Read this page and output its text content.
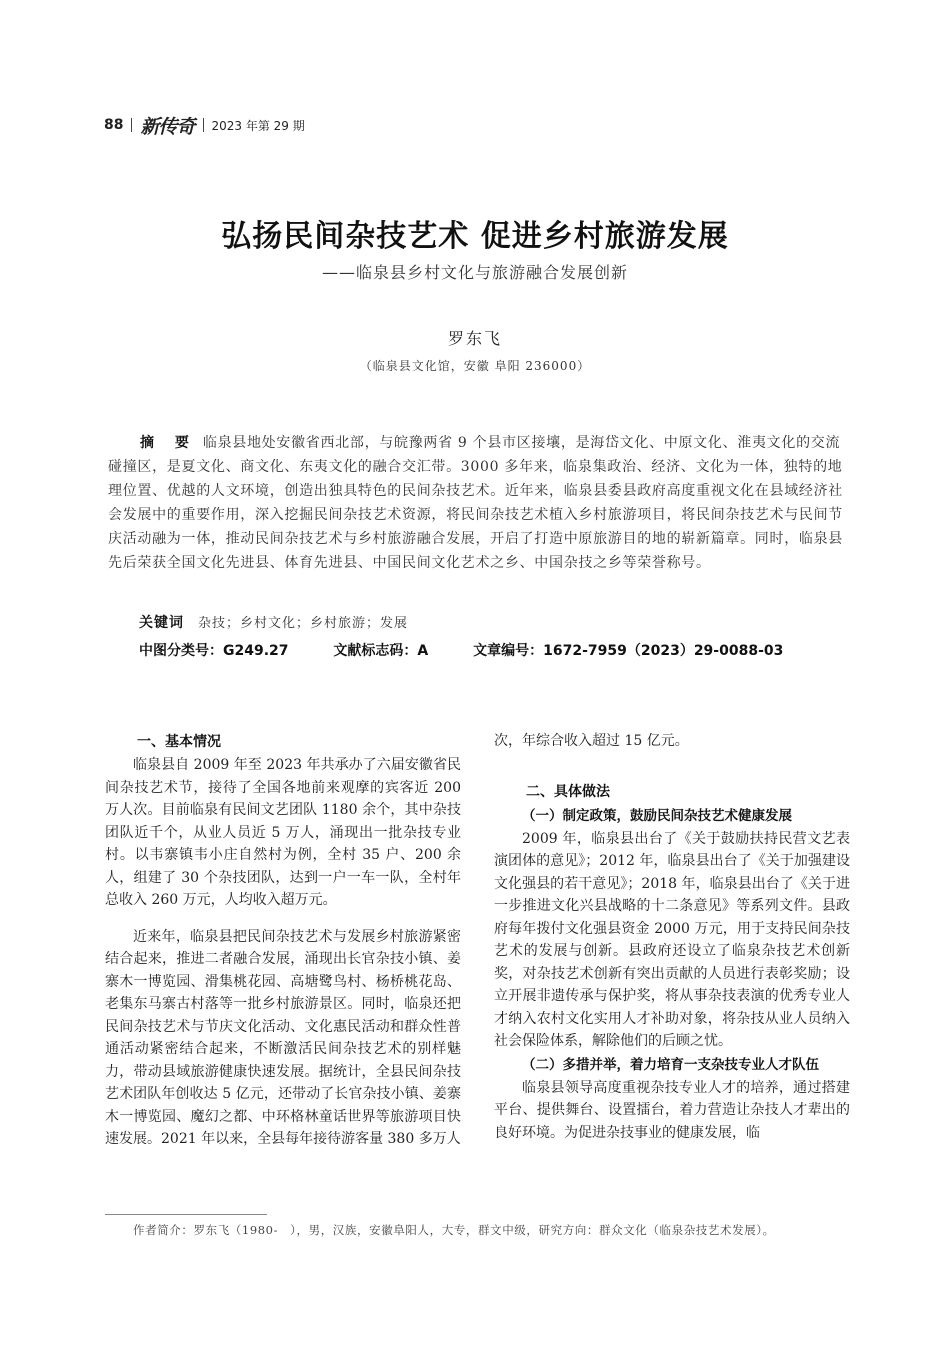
88 新传奇 2023 年第 29 期
弘扬民间杂技艺术 促进乡村旅游发展
——临泉县乡村文化与旅游融合发展创新
罗东飞
（临泉县文化馆，安徽 阜阳 236000）
摘 要 临泉县地处安徽省西北部，与皖豫两省 9 个县市区接壤，是海岱文化、中原文化、淮夷文化的交流碰撞区，是夏文化、商文化、东夷文化的融合交汇带。3000 多年来，临泉集政治、经济、文化为一体，独特的地理位置、优越的人文环境，创造出独具特色的民间杂技艺术。近年来，临泉县委县政府高度重视文化在县域经济社会发展中的重要作用，深入挖掘民间杂技艺术资源，将民间杂技艺术植入乡村旅游项目，将民间杂技艺术与民间节庆活动融为一体，推动民间杂技艺术与乡村旅游融合发展，开启了打造中原旅游目的地的崭新篇章。同时，临泉县先后荣获全国文化先进县、体育先进县、中国民间文化艺术之乡、中国杂技之乡等荣誉称号。
关键词 杂技；乡村文化；乡村旅游；发展
中图分类号：G249.27	文献标志码：A	文章编号：1672-7959（2023）29-0088-03
一、基本情况

临泉县自 2009 年至 2023 年共承办了六届安徽省民间杂技艺术节，接待了全国各地前来观摩的宾客近 200 万人次。目前临泉有民间文艺团队 1180 余个，其中杂技团队近千个，从业人员近 5 万人，涌现出一批杂技专业村。以韦寨镇韦小庄自然村为例，全村 35 户、200 余人，组建了 30 个杂技团队，达到一户一车一队，全村年总收入 260 万元，人均收入超万元。

近来年，临泉县把民间杂技艺术与发展乡村旅游紧密结合起来，推进二者融合发展，涌现出长官杂技小镇、姜寨木一博览园、滑集桃花园、高塘鹭鸟村、杨桥桃花岛、老集东马寨古村落等一批乡村旅游景区。同时，临泉还把民间杂技艺术与节庆文化活动、文化惠民活动和群众性普通活动紧密结合起来，不断激活民间杂技艺术的别样魅力，带动县域旅游健康快速发展。据统计，全县民间杂技艺术团队年创收达 5 亿元，还带动了长官杂技小镇、姜寨木一博览园、魔幻之都、中环格林童话世界等旅游项目快速发展。2021 年以来，全县每年接待游客量 380 多万人

次，年综合收入超过 15 亿元。

二、具体做法
（一）制定政策，鼓励民间杂技艺术健康发展

2009 年，临泉县出台了《关于鼓励扶持民营文艺表演团体的意见》；2012 年，临泉县出台了《关于加强建设文化强县的若干意见》；2018 年，临泉县出台了《关于进一步推进文化兴县战略的十二条意见》等系列文件。县政府每年拨付文化强县资金 2000 万元，用于支持民间杂技艺术的发展与创新。县政府还设立了临泉杂技艺术创新奖，对杂技艺术创新有突出贡献的人员进行表彰奖励；设立开展非遗传承与保护奖，将从事杂技表演的优秀专业人才纳入农村文化实用人才补助对象，将杂技从业人员纳入社会保险体系，解除他们的后顾之忧。

（二）多措并举，着力培育一支杂技专业人才队伍

临泉县领导高度重视杂技专业人才的培养，通过搭建平台、提供舞台、设置擂台，着力营造让杂技人才辈出的良好环境。为促进杂技事业的健康发展，临

作者简介：罗东飞（1980-　），男，汉族，安徽阜阳人，大专，群文中级，研究方向：群众文化（临泉杂技艺术发展）。
